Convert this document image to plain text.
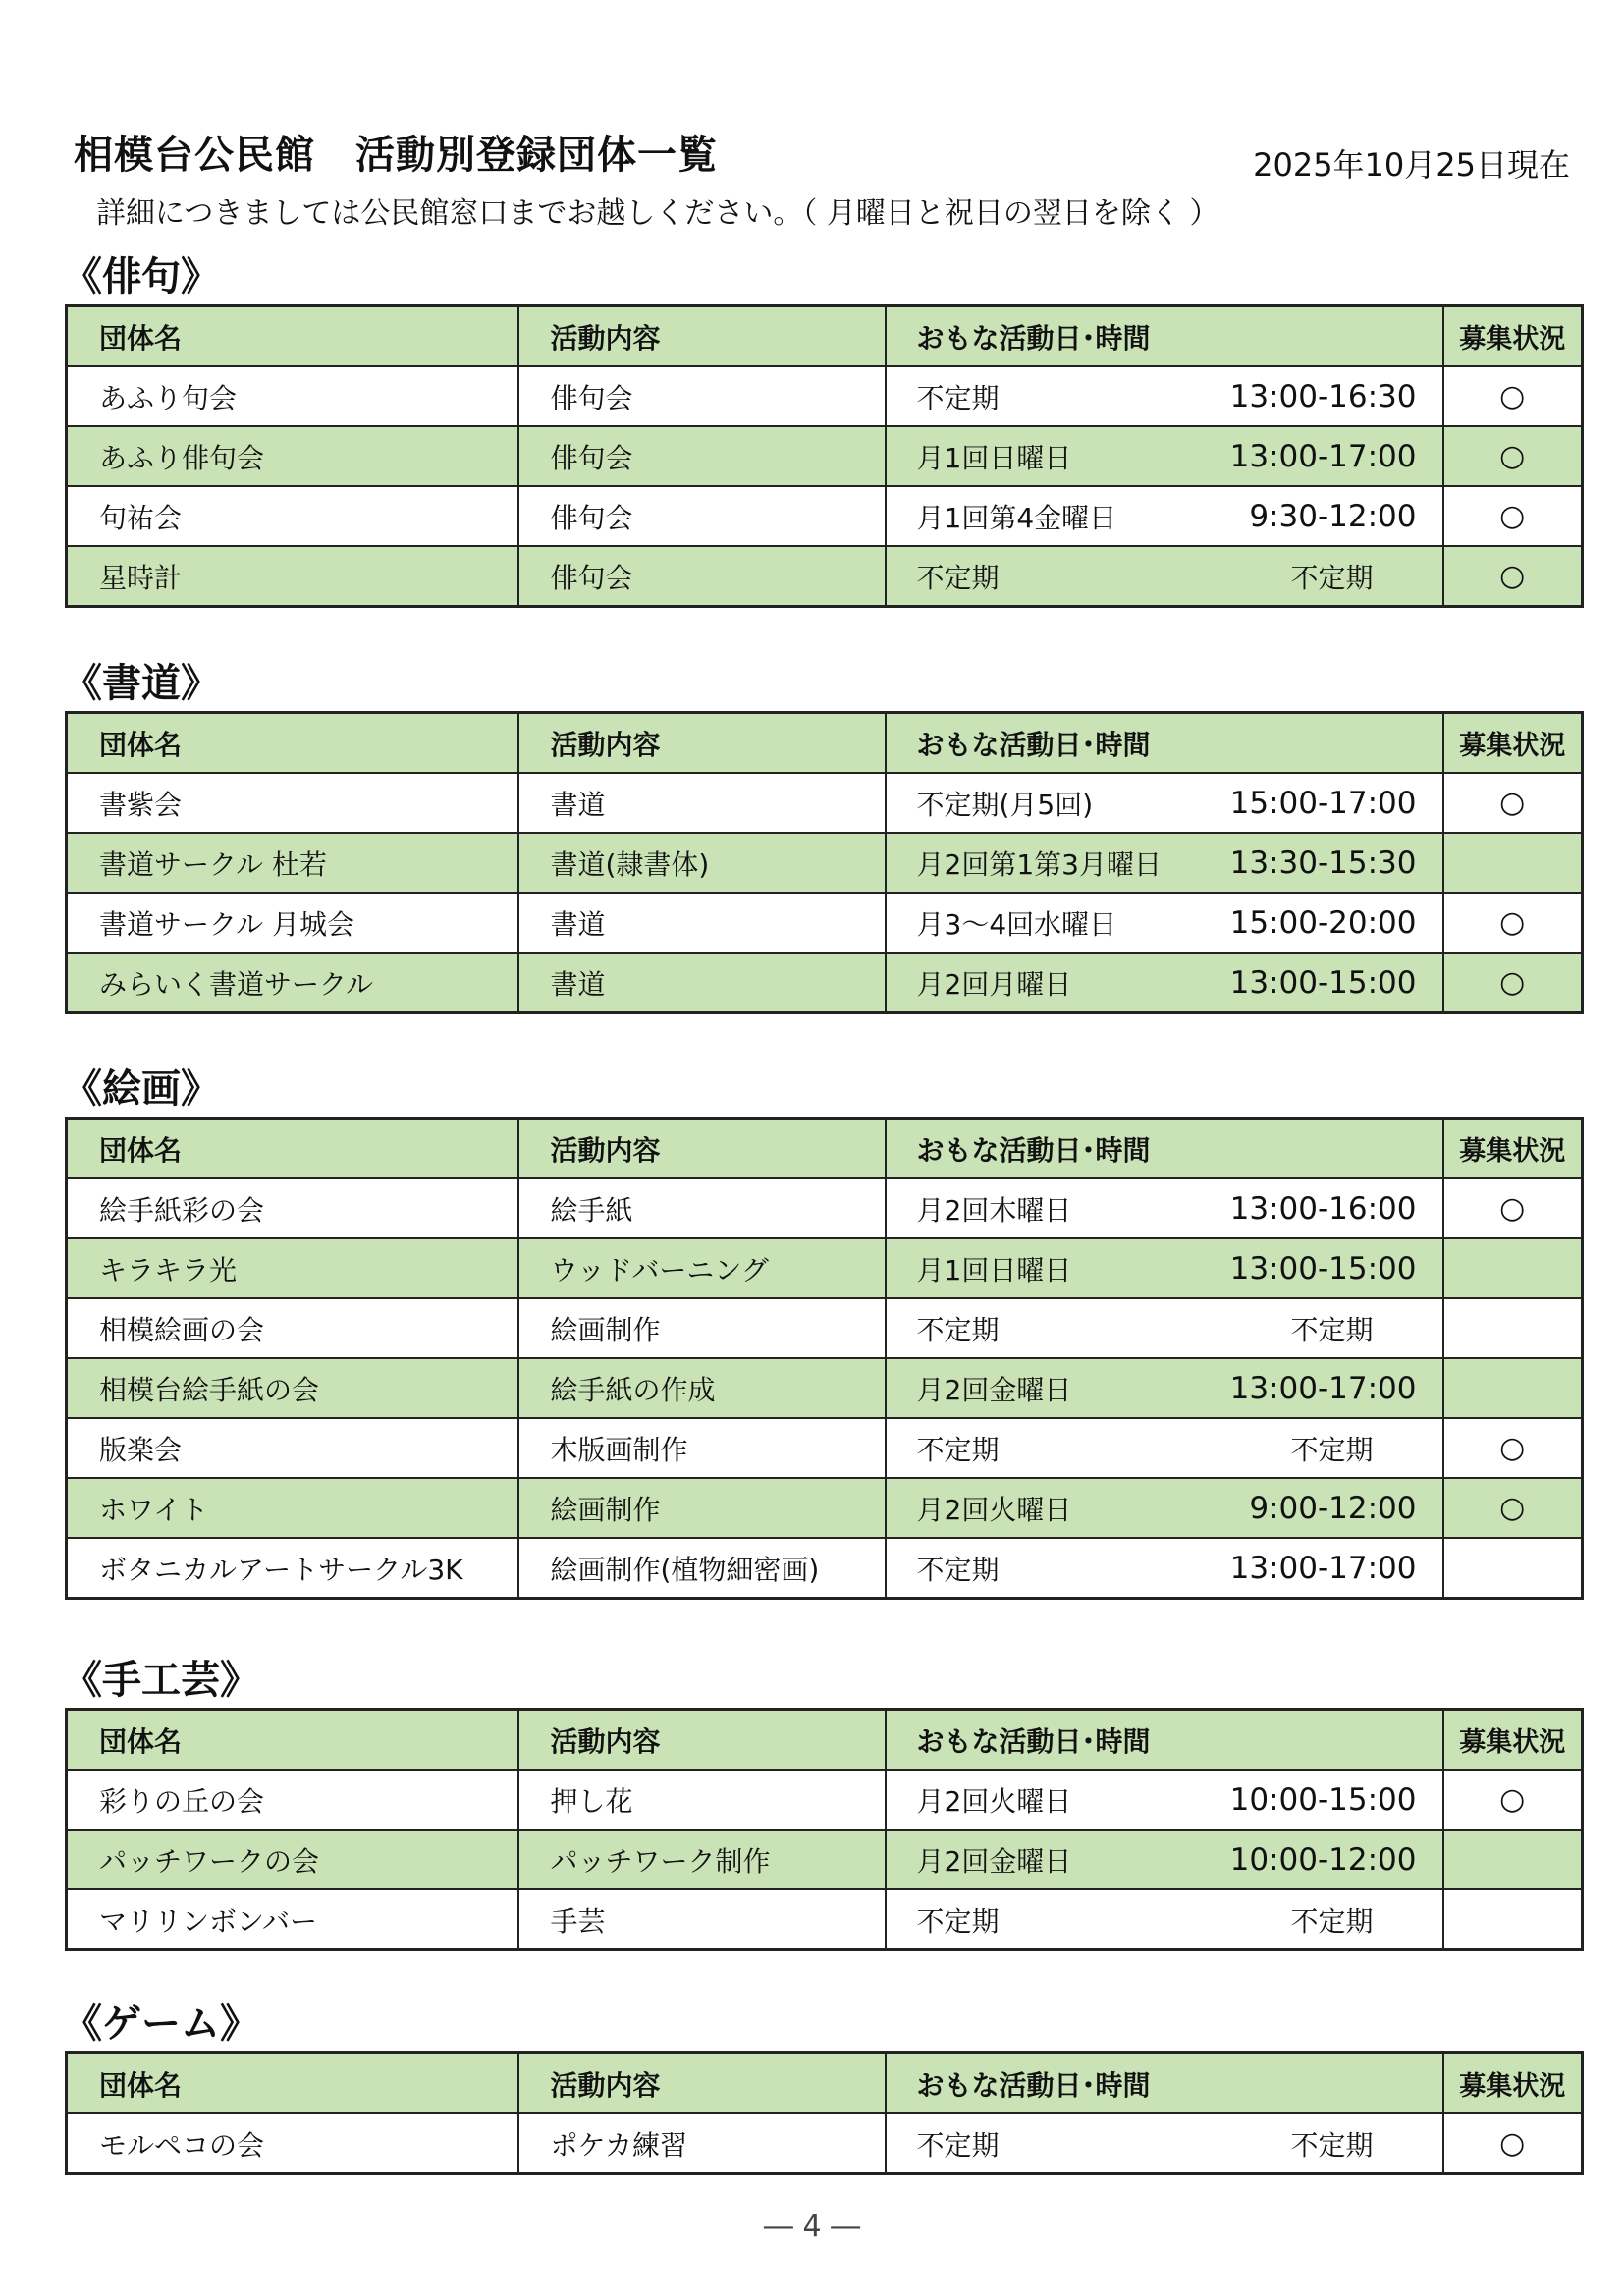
相模台公民館　活動別登録団体一覧	2025年10月25日現在
詳細につきましては公民館窓口までお越しください。（ 月曜日と祝日の翌日を除く ）
《俳句》
団体名	活動内容	おもな活動日･時間	募集状況
あふり句会	俳句会	不定期 13:00-16:30	○
あふり俳句会	俳句会	月1回日曜日 13:00-17:00	○
句祐会	俳句会	月1回第4金曜日 9:30-12:00	○
星時計	俳句会	不定期 不定期	○
《書道》
団体名	活動内容	おもな活動日･時間	募集状況
書紫会	書道	不定期(月5回) 15:00-17:00	○
書道サークル 杜若	書道(隷書体)	月2回第1第3月曜日 13:30-15:30	

書道サークル 月城会	書道	月3～4回水曜日 15:00-20:00	○
みらいく書道サークル	書道	月2回月曜日 13:00-15:00	○
《絵画》
団体名	活動内容	おもな活動日･時間	募集状況
絵手紙彩の会	絵手紙	月2回木曜日 13:00-16:00	○
キラキラ光	ウッドバーニング	月1回日曜日 13:00-15:00	

相模絵画の会	絵画制作	不定期 不定期	

相模台絵手紙の会	絵手紙の作成	月2回金曜日 13:00-17:00	

版楽会	木版画制作	不定期 不定期	○
ホワイト	絵画制作	月2回火曜日 9:00-12:00	○
ボタニカルアートサークル3K	絵画制作(植物細密画)	不定期 13:00-17:00	

《手工芸》
団体名	活動内容	おもな活動日･時間	募集状況
彩りの丘の会	押し花	月2回火曜日 10:00-15:00	○
パッチワークの会	パッチワーク制作	月2回金曜日 10:00-12:00	

マリリンボンバー	手芸	不定期 不定期	

《ゲーム》
団体名	活動内容	おもな活動日･時間	募集状況
モルペコの会	ポケカ練習	不定期 不定期	○
― 4 ―
